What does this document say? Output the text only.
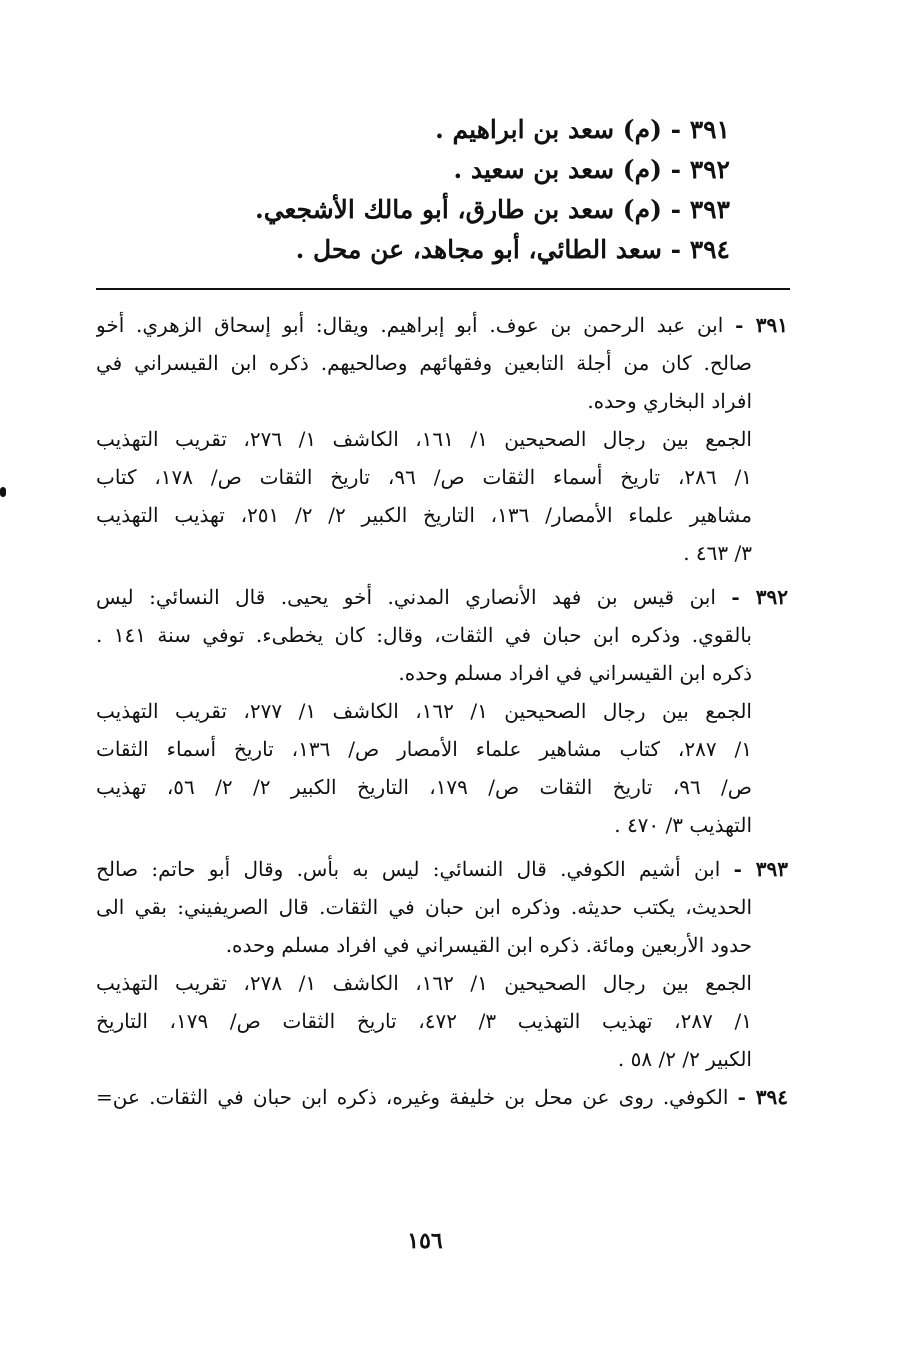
٣٩١ - (م) سعد بن ابراهيم .
٣٩٢ - (م) سعد بن سعيد .
٣٩٣ - (م) سعد بن طارق، أبو مالك الأشجعي.
٣٩٤ - سعد الطائي، أبو مجاهد، عن محل .
٣٩١ - ابن عبد الرحمن بن عوف. أبو إبراهيم. ويقال: أبو إسحاق الزهري. أخو
صالح. كان من أجلة التابعين وفقهائهم وصالحيهم. ذكره ابن القيسراني في
افراد البخاري وحده.
الجمع بين رجال الصحيحين ١/ ١٦١، الكاشف ١/ ٢٧٦، تقريب التهذيب
١/ ٢٨٦، تاريخ أسماء الثقات ص/ ٩٦، تاريخ الثقات ص/ ١٧٨، كتاب
مشاهير علماء الأمصار/ ١٣٦، التاريخ الكبير ٢/ ٢/ ٢٥١، تهذيب التهذيب
٣/ ٤٦٣ .
٣٩٢ - ابن قيس بن فهد الأنصاري المدني. أخو يحيى. قال النسائي: ليس
بالقوي. وذكره ابن حبان في الثقات، وقال: كان يخطىء. توفي سنة ١٤١ .
ذكره ابن القيسراني في افراد مسلم وحده.
الجمع بين رجال الصحيحين ١/ ١٦٢، الكاشف ١/ ٢٧٧، تقريب التهذيب
١/ ٢٨٧، كتاب مشاهير علماء الأمصار ص/ ١٣٦، تاريخ أسماء الثقات
ص/ ٩٦، تاريخ الثقات ص/ ١٧٩، التاريخ الكبير ٢/ ٢/ ٥٦، تهذيب
التهذيب ٣/ ٤٧٠ .
٣٩٣ - ابن أشيم الكوفي. قال النسائي: ليس به بأس. وقال أبو حاتم: صالح
الحديث، يكتب حديثه. وذكره ابن حبان في الثقات. قال الصريفيني: بقي الى
حدود الأربعين ومائة. ذكره ابن القيسراني في افراد مسلم وحده.
الجمع بين رجال الصحيحين ١/ ١٦٢، الكاشف ١/ ٢٧٨، تقريب التهذيب
١/ ٢٨٧، تهذيب التهذيب ٣/ ٤٧٢، تاريخ الثقات ص/ ١٧٩، التاريخ
الكبير ٢/ ٢/ ٥٨ .
٣٩٤ - الكوفي. روى عن محل بن خليفة وغيره، ذكره ابن حبان في الثقات. عن=
١٥٦
